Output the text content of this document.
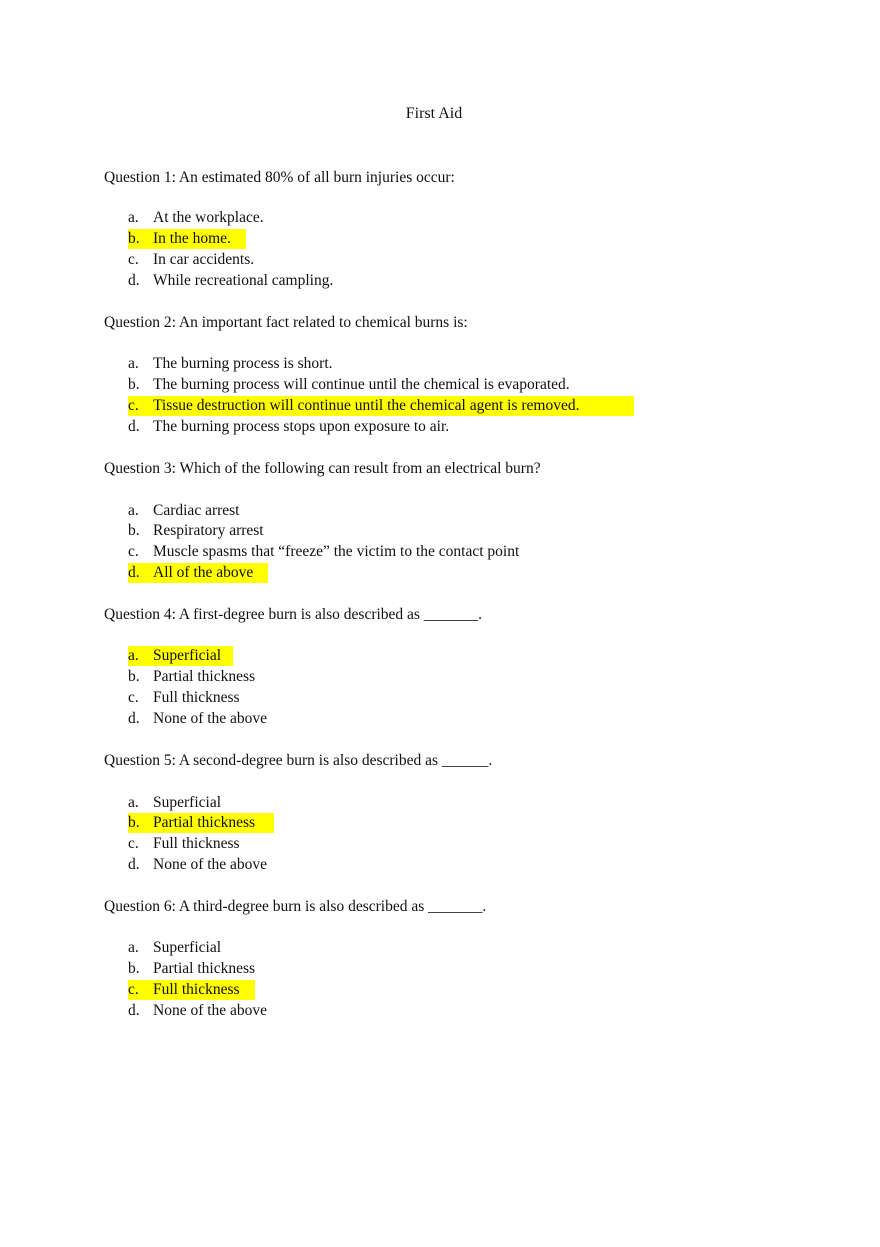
First Aid
Question 1: An estimated 80% of all burn injuries occur:
a. At the workplace.
b. In the home.
c. In car accidents.
d. While recreational campling.
Question 2: An important fact related to chemical burns is:
a. The burning process is short.
b. The burning process will continue until the chemical is evaporated.
c. Tissue destruction will continue until the chemical agent is removed.
d. The burning process stops upon exposure to air.
Question 3: Which of the following can result from an electrical burn?
a. Cardiac arrest
b. Respiratory arrest
c. Muscle spasms that “freeze” the victim to the contact point
d. All of the above
Question 4: A first-degree burn is also described as _______.
a. Superficial
b. Partial thickness
c. Full thickness
d. None of the above
Question 5: A second-degree burn is also described as ______.
a. Superficial
b. Partial thickness
c. Full thickness
d. None of the above
Question 6: A third-degree burn is also described as _______.
a. Superficial
b. Partial thickness
c. Full thickness
d. None of the above
